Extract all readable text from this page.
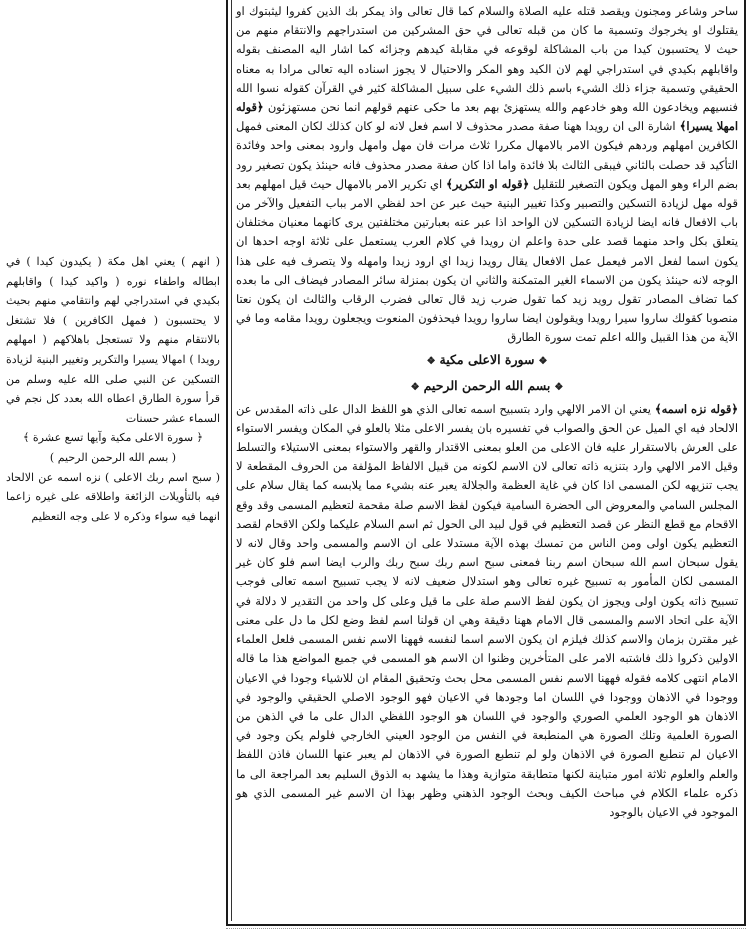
ساحر وشاعر ومجنون ويقصد قتله عليه الصلاة والسلام كما قال تعالى واذ يمكر بك الذين كفروا ليثبتوك او يقتلوك او يخرجوك وتسمية ما كان من قبله تعالى في حق المشركين من استدراجهم والانتقام منهم من حيث لا يحتسبون كيدا من باب المشاكلة لوقوعه في مقابلة كيدهم وجزائه كما اشار اليه المصنف بقوله واقابلهم بكيدي في استدراجي لهم لان الكيد وهو المكر والاحتيال لا يجوز اسناده اليه تعالى مرادا به معناه الحقيقي وتسمية جزاء ذلك الشيء باسم ذلك الشيء على سبيل المشاكلة كثير في القرآن كقوله نسوا الله فنسيهم ويخادعون الله وهو خادعهم والله يستهزئ بهم بعد ما حكى عنهم قولهم انما نحن مستهزئون ﴿قوله امهلا يسيرا﴾ اشارة الى ان رويدا ههنا صفة مصدر محذوف لا اسم فعل لانه لو كان كذلك لكان المعنى فمهل الكافرين امهلهم وردهم فيكون الامر بالامهال مكررا ثلاث مرات فان مهل وامهل وارود بمعنى واحد وفائدة التأكيد قد حصلت بالثاني فيبقى الثالث بلا فائدة واما اذا كان صفة مصدر محذوف فانه حينئذ يكون تصغير رود بضم الراء وهو المهل ويكون التصغير للتقليل ﴿قوله او التكرير﴾ اي تكرير الامر بالامهال حيث قيل امهلهم بعد قوله مهل لزيادة التسكين والتصبير وكذا تغيير البنية حيث عبر عن احد لفظي الامر بباب التفعيل والآخر من باب الافعال فانه ايضا لزيادة التسكين لان الواحد اذا عبر عنه بعبارتين مختلفتين يرى كانهما معنيان مختلفان يتعلق بكل واحد منهما قصد على حدة واعلم ان رويدا في كلام العرب يستعمل على ثلاثة اوجه احدها ان يكون اسما لفعل الامر فيعمل عمل الافعال يقال رويدا زيدا اي ارود زيدا وامهله ولا يتصرف فيه على هذا الوجه لانه حينئذ يكون من الاسماء الغير المتمكنة والثاني ان يكون بمنزلة سائر المصادر فيضاف الى ما بعده كما تضاف المصادر تقول رويد زيد كما تقول ضرب زيد قال تعالى فضرب الرقاب والثالث ان يكون نعتا منصوبا كقولك ساروا سيرا رويدا ويقولون ايضا ساروا رويدا فيحذفون المنعوت ويجعلون رويدا مقامه وما في الآية من هذا القبيل والله اعلم تمت سورة الطارق

❖سورة الاعلى مكية❖
❖بسم الله الرحمن الرحيم❖

﴿قوله نزه اسمه﴾ يعني ان الامر الالهي وارد بتسبيح اسمه تعالى الذي هو اللفظ الدال على ذاته المقدس عن الالحاد فيه اي الميل عن الحق والصواب في تفسيره بان يفسر الاعلى مثلا بالعلو في المكان ويفسر الاستواء على العرش بالاستقرار عليه فان الاعلى من العلو بمعنى الاقتدار والقهر والاستواء بمعنى الاستيلاء والتسلط وقيل الامر الالهي وارد بتنزيه ذاته تعالى لان الاسم لكونه من قبيل الالفاظ المؤلفة من الحروف المقطعة لا يجب تنزيهه لكن المسمى اذا كان في غاية العظمة والجلالة يعبر عنه بشيء مما يلابسه كما يقال سلام على المجلس السامي والمعروض الى الحضرة السامية فيكون لفظ الاسم صلة مقحمة لتعظيم المسمى وقد وقع الاقحام مع قطع النظر عن قصد التعظيم في قول لبيد الى الحول ثم اسم السلام عليكما ولكن الاقحام لقصد التعظيم يكون اولى ومن الناس من تمسك بهذه الآية مستدلا على ان الاسم والمسمى واحد وقال لانه لا يقول سبحان اسم الله سبحان اسم ربنا فمعنى سبح اسم ربك سبح ربك والرب ايضا اسم فلو كان غير المسمى لكان المأمور به تسبيح غيره تعالى وهو استدلال ضعيف لانه لا يجب تسبيح اسمه تعالى فوجب تسبيح ذاته يكون اولى ويجوز ان يكون لفظ الاسم صلة على ما قيل وعلى كل واحد من التقدير لا دلالة في الآية على اتحاد الاسم والمسمى قال الامام ههنا دقيقة وهي ان قولنا اسم لفظ وضع لكل ما دل على معنى غير مقترن بزمان والاسم كذلك فيلزم ان يكون الاسم اسما لنفسه فههنا الاسم نفس المسمى فلعل العلماء الاولين ذكروا ذلك فاشتبه الامر على المتأخرين وظنوا ان الاسم هو المسمى في جميع المواضع هذا ما قاله الامام انتهى كلامه فقوله فههنا الاسم نفس المسمى محل بحث وتحقيق المقام ان للاشياء وجودا في الاعيان ووجودا في الاذهان ووجودا في اللسان اما وجودها في الاعيان فهو الوجود الاصلي الحقيقي والوجود في الاذهان هو الوجود العلمي الصوري والوجود في اللسان هو الوجود اللفظي الدال على ما في الذهن من الصورة العلمية وتلك الصورة هي المنطبعة في النفس من الوجود العيني الخارجي فلولم يكن وجود في الاعيان لم تنطبع الصورة في الاذهان ولو لم تنطبع الصورة في الاذهان لم يعبر عنها اللسان فاذن اللفظ والعلم والعلوم ثلاثة امور متباينة لكنها متطابقة متوازية وهذا ما يشهد به الذوق السليم بعد المراجعة الى ما ذكره علماء الكلام في مباحث الكيف وبحث الوجود الذهني وظهر بهذا ان الاسم غير المسمى الذي هو الموجود في الاعيان بالوجود

( انهم ) يعني اهل مكة ( يكيدون كيدا ) في ابطاله واطفاء نوره ( واكيد كيدا ) واقابلهم بكيدي في استدراجي لهم وانتقامي منهم بحيث لا يحتسبون ( فمهل الكافرين ) فلا تشتغل بالانتقام منهم ولا تستعجل باهلاكهم ( امهلهم رويدا ) امهالا يسيرا والتكرير وتغيير البنية لزيادة التسكين عن النبي صلى الله عليه وسلم من قرأ سورة الطارق اعطاه الله بعدد كل نجم في السماء عشر حسنات

﴿ سورة الاعلى مكية وآيها تسع عشرة ﴾
( بسم الله الرحمن الرحيم )

( سبح اسم ربك الاعلى ) نزه اسمه عن الالحاد فيه بالتأويلات الزائغة واطلاقه على غيره زاعما انهما فيه سواء وذكره لا على وجه التعظيم
